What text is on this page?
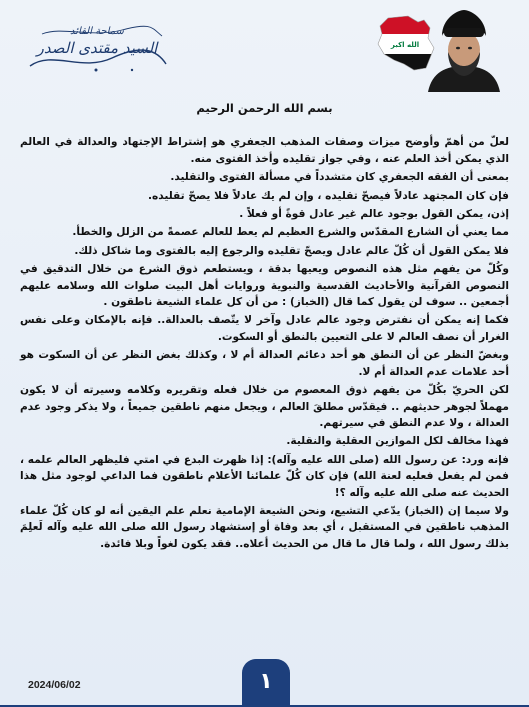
سماحة القائد
السيد مقتدى الصدر	الله اكبر
بسم الله الرحمن الرحيم

لعلّ من أهمّ وأوضح ميزات وصفات المذهب الجعفري هو إشتراط الإجتهاد والعدالة في العالم الذي يمكن أخذ العلم عنه ، وفي جواز تقليده وأخذ الفتوى منه.

بمعنى أن الفقه الجعفري كان متشدداً في مسألة الفتوى والتقليد.

فإن كان المجتهد عادلاً فيصحّ تقليده ، وإن لم يك عادلاً فلا يصحّ تقليده.

إذن، يمكن القول بوجود عالم غير عادل قوةً أو فعلاً .

مما يعني أن الشارع المقدّس والشرع العظيم لم يعط للعالم عصمةً من الزلل والخطأ.

فلا يمكن القول أن كُلّ عالم عادل ويصحّ تقليده والرجوع إليه بالفتوى وما شاكل ذلك.

وكُلّ من يفهم مثل هذه النصوص ويعيها بدقة ، ويستطعم ذوق الشرع من خلال التدقيق في النصوص القرآنية والأحاديث القدسية والنبوية وروايات أهل البيت صلوات الله وسلامه عليهم أجمعين .. سوف لن يقول كما قال (الخباز) : من أن كل علماء الشيعة ناطقون .

فكما إنه يمكن أن نفترض وجود عالم عادل وآخر لا يتّصف بالعدالة.. فإنه بالإمكان وعلى نفس الغرار أن نصف العالم لا على التعيين بالنطق أو السكوت.

وبغضّ النظر عن أن النطق هو أحد دعائم العدالة أم لا ، وكذلك بغض النظر عن أن السكوت هو أحد علامات عدم العدالة أم لا.

لكن الحريّ بكُلّ من يفهم ذوق المعصوم من خلال فعله وتقريره وكلامه وسيرته أن لا يكون مهملاً لجوهر حديثهم .. فيقدّس مطلقَ العالم ، ويجعل منهم ناطقين جميعاً ، ولا يذكر وجود عدم العدالة ، ولا عدم النطق في سيرتهم.

فهذا مخالف لكل الموازين العقلية والنقلية.

فإنه ورد: عن رسول الله (صلى الله عليه وآله): إذا ظهرت البدع في امتي فليظهر العالم علمه ، فمن لم يفعل فعليه لعنة الله) فإن كان كُلّ علمائنا الأعلام ناطقون فما الداعي لوجود مثل هذا الحديث عنه صلى الله عليه وآله ؟!

ولا سيما إن (الخباز) يدّعي التشيع، ونحن الشيعة الإمامية نعلم علم اليقين أنه لو كان كُلّ علماء المذهب ناطقين في المستقبل ، أي بعد وفاة أو إستشهاد رسول الله صلى الله عليه وآله لَعلِمَ بذلك رسول الله ، ولما قال ما قال من الحديث أعلاه.. فقد يكون لغواً وبلا فائدة.

2024/06/02	١
